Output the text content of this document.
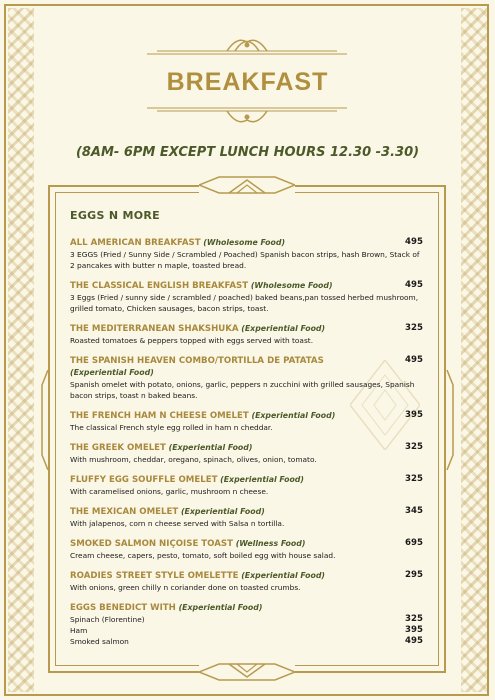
BREAKFAST
(8AM- 6PM EXCEPT LUNCH HOURS 12.30 -3.30)
EGGS N MORE
ALL AMERICAN BREAKFAST (Wholesome Food)	495
3 EGGS (Fried / Sunny Side / Scrambled / Poached) Spanish bacon strips, hash Brown, Stack of 2 pancakes with butter n maple, toasted bread.
THE CLASSICAL ENGLISH BREAKFAST (Wholesome Food)	495
3 Eggs (Fried / sunny side / scrambled / poached) baked beans,pan tossed herbed mushroom, grilled tomato, Chicken sausages, bacon strips, toast.
THE MEDITERRANEAN SHAKSHUKA (Experiential Food)	325
Roasted tomatoes & peppers topped with eggs served with toast.
THE SPANISH HEAVEN COMBO/TORTILLA DE PATATAS
(Experiential Food)
495
Spanish omelet with potato, onions, garlic, peppers n zucchini with grilled sausages, Spanish bacon strips, toast n baked beans.
THE FRENCH HAM N CHEESE OMELET (Experiential Food)	395
The classical French style egg rolled in ham n cheddar.
THE GREEK OMELET (Experiential Food)	325
With mushroom, cheddar, oregano, spinach, olives, onion, tomato.
FLUFFY EGG SOUFFLE OMELET (Experiential Food)	325
With caramelised onions, garlic, mushroom n cheese.
THE MEXICAN OMELET (Experiential Food)	345
With jalapenos, corn n cheese served with Salsa n tortilla.
SMOKED SALMON NIÇOISE TOAST (Wellness Food)	695
Cream cheese, capers, pesto, tomato, soft boiled egg with house salad.
ROADIES STREET STYLE OMELETTE (Experiential Food)	295
With onions, green chilly n coriander done on toasted crumbs.
EGGS BENEDICT WITH (Experiential Food)
Spinach (Florentine)	325
Ham	395
Smoked salmon	495
